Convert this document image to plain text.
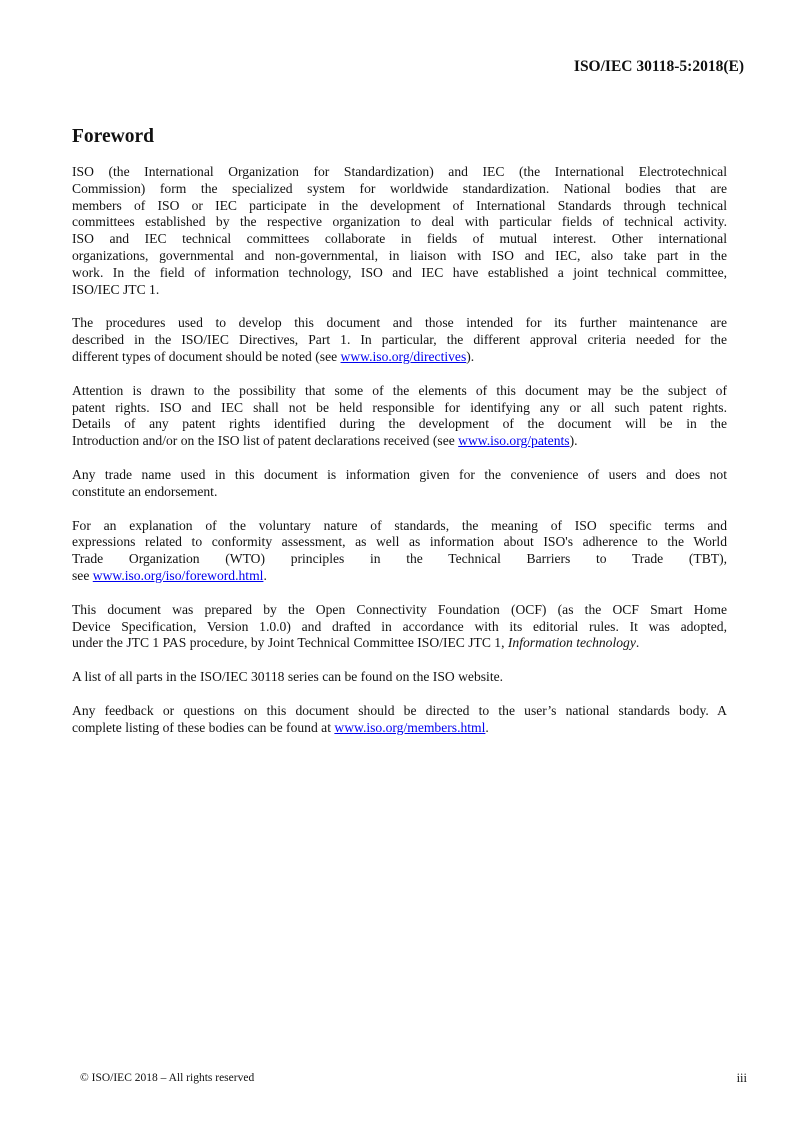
ISO/IEC 30118-5:2018(E)
Foreword

ISO (the International Organization for Standardization) and IEC (the International Electrotechnical
Commission) form the specialized system for worldwide standardization. National bodies that are
members of ISO or IEC participate in the development of International Standards through technical
committees established by the respective organization to deal with particular fields of technical activity.
ISO and IEC technical committees collaborate in fields of mutual interest. Other international
organizations, governmental and non-governmental, in liaison with ISO and IEC, also take part in the
work. In the field of information technology, ISO and IEC have established a joint technical committee,
ISO/IEC JTC 1.

The procedures used to develop this document and those intended for its further maintenance are
described in the ISO/IEC Directives, Part 1. In particular, the different approval criteria needed for the
different types of document should be noted (see www.iso.org/directives).

Attention is drawn to the possibility that some of the elements of this document may be the subject of
patent rights. ISO and IEC shall not be held responsible for identifying any or all such patent rights.
Details of any patent rights identified during the development of the document will be in the
Introduction and/or on the ISO list of patent declarations received (see www.iso.org/patents).

Any trade name used in this document is information given for the convenience of users and does not
constitute an endorsement.

For an explanation of the voluntary nature of standards, the meaning of ISO specific terms and
expressions related to conformity assessment, as well as information about ISO's adherence to the World
Trade Organization (WTO) principles in the Technical Barriers to Trade (TBT),
see www.iso.org/iso/foreword.html.

This document was prepared by the Open Connectivity Foundation (OCF) (as the OCF Smart Home
Device Specification, Version 1.0.0) and drafted in accordance with its editorial rules. It was adopted,
under the JTC 1 PAS procedure, by Joint Technical Committee ISO/IEC JTC 1, Information technology.

A list of all parts in the ISO/IEC 30118 series can be found on the ISO website.

Any feedback or questions on this document should be directed to the user’s national standards body. A
complete listing of these bodies can be found at www.iso.org/members.html.

© ISO/IEC 2018 – All rights reserved	iii
